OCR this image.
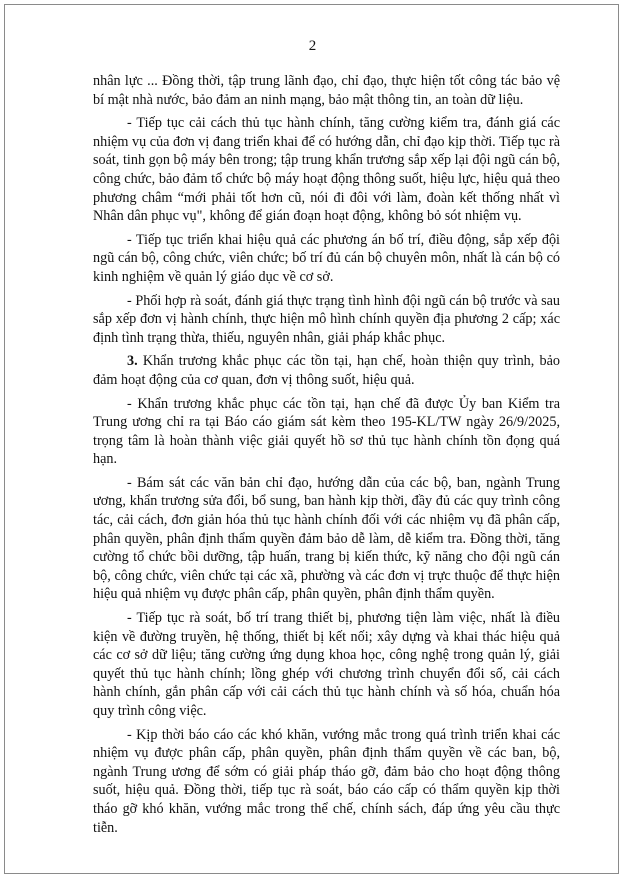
2

nhân lực ... Đồng thời, tập trung lãnh đạo, chỉ đạo, thực hiện tốt công tác bảo vệ bí mật nhà nước, bảo đảm an ninh mạng, bảo mật thông tin, an toàn dữ liệu.

- Tiếp tục cải cách thủ tục hành chính, tăng cường kiểm tra, đánh giá các nhiệm vụ của đơn vị đang triển khai để có hướng dẫn, chỉ đạo kịp thời. Tiếp tục rà soát, tinh gọn bộ máy bên trong; tập trung khẩn trương sắp xếp lại đội ngũ cán bộ, công chức, bảo đảm tổ chức bộ máy hoạt động thông suốt, hiệu lực, hiệu quả theo phương châm “mới phải tốt hơn cũ, nói đi đôi với làm, đoàn kết thống nhất vì Nhân dân phục vụ", không để gián đoạn hoạt động, không bỏ sót nhiệm vụ.

- Tiếp tục triển khai hiệu quả các phương án bố trí, điều động, sắp xếp đội ngũ cán bộ, công chức, viên chức; bố trí đủ cán bộ chuyên môn, nhất là cán bộ có kinh nghiệm về quản lý giáo dục về cơ sở.

- Phối hợp rà soát, đánh giá thực trạng tình hình đội ngũ cán bộ trước và sau sắp xếp đơn vị hành chính, thực hiện mô hình chính quyền địa phương 2 cấp; xác định tình trạng thừa, thiếu, nguyên nhân, giải pháp khắc phục.

3. Khẩn trương khắc phục các tồn tại, hạn chế, hoàn thiện quy trình, bảo đảm hoạt động của cơ quan, đơn vị thông suốt, hiệu quả.

- Khẩn trương khắc phục các tồn tại, hạn chế đã được Ủy ban Kiểm tra Trung ương chỉ ra tại Báo cáo giám sát kèm theo 195-KL/TW ngày 26/9/2025, trọng tâm là hoàn thành việc giải quyết hồ sơ thủ tục hành chính tồn đọng quá hạn.

- Bám sát các văn bản chỉ đạo, hướng dẫn của các bộ, ban, ngành Trung ương, khẩn trương sửa đổi, bổ sung, ban hành kịp thời, đầy đủ các quy trình công tác, cải cách, đơn giản hóa thủ tục hành chính đối với các nhiệm vụ đã phân cấp, phân quyền, phân định thẩm quyền đảm bảo dễ làm, dễ kiểm tra. Đồng thời, tăng cường tổ chức bồi dưỡng, tập huấn, trang bị kiến thức, kỹ năng cho đội ngũ cán bộ, công chức, viên chức tại các xã, phường và các đơn vị trực thuộc để thực hiện hiệu quả nhiệm vụ được phân cấp, phân quyền, phân định thẩm quyền.

- Tiếp tục rà soát, bố trí trang thiết bị, phương tiện làm việc, nhất là điều kiện về đường truyền, hệ thống, thiết bị kết nối; xây dựng và khai thác hiệu quả các cơ sở dữ liệu; tăng cường ứng dụng khoa học, công nghệ trong quản lý, giải quyết thủ tục hành chính; lồng ghép với chương trình chuyển đổi số, cải cách hành chính, gắn phân cấp với cải cách thủ tục hành chính và số hóa, chuẩn hóa quy trình công việc.

- Kịp thời báo cáo các khó khăn, vướng mắc trong quá trình triển khai các nhiệm vụ được phân cấp, phân quyền, phân định thẩm quyền về các ban, bộ, ngành Trung ương để sớm có giải pháp tháo gỡ, đảm bảo cho hoạt động thông suốt, hiệu quả. Đồng thời, tiếp tục rà soát, báo cáo cấp có thẩm quyền kịp thời tháo gỡ khó khăn, vướng mắc trong thể chế, chính sách, đáp ứng yêu cầu thực tiễn.
